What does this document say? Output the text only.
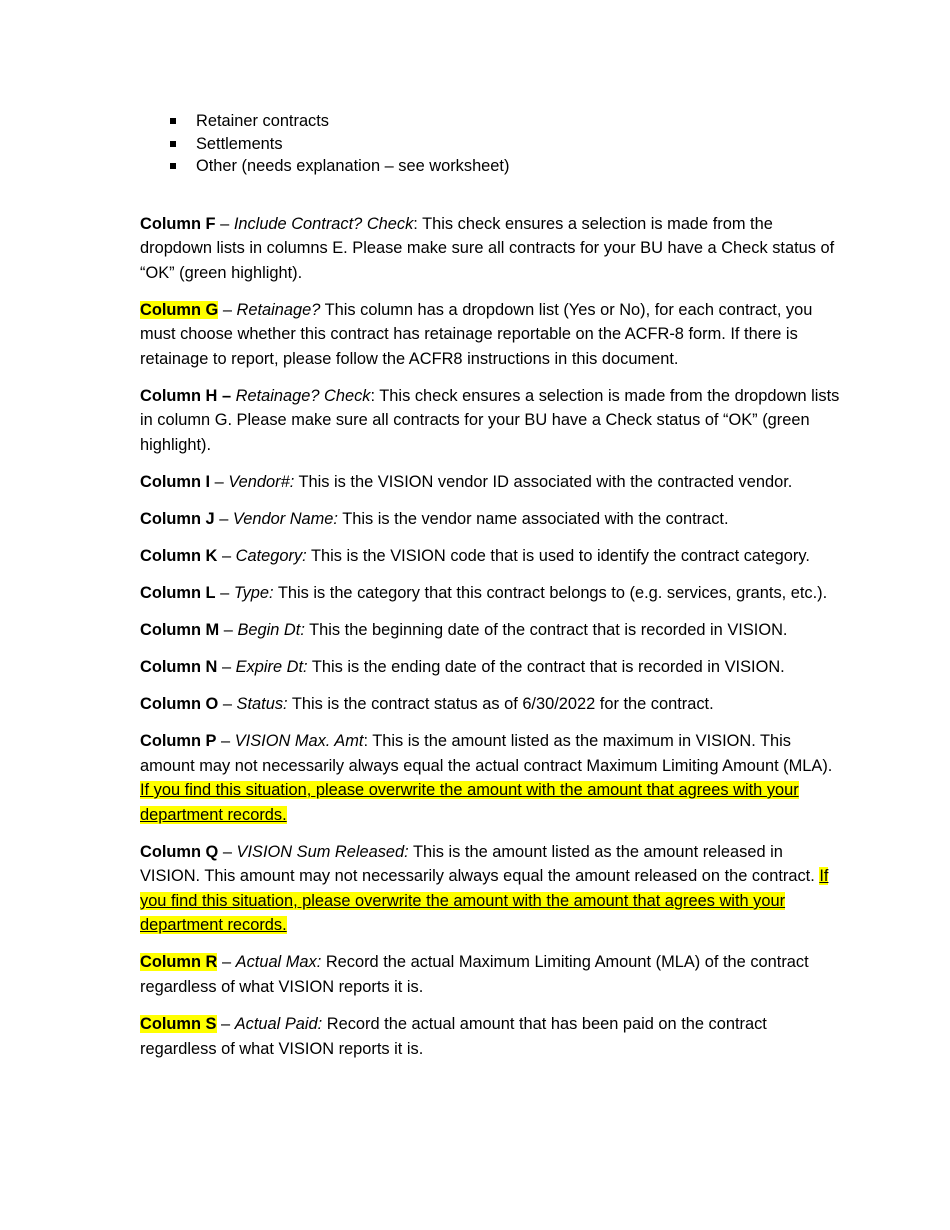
Retainer contracts
Settlements
Other (needs explanation – see worksheet)

Column F – Include Contract? Check: This check ensures a selection is made from the dropdown lists in columns E. Please make sure all contracts for your BU have a Check status of “OK” (green highlight).

Column G – Retainage? This column has a dropdown list (Yes or No), for each contract, you must choose whether this contract has retainage reportable on the ACFR-8 form. If there is retainage to report, please follow the ACFR8 instructions in this document.

Column H – Retainage? Check: This check ensures a selection is made from the dropdown lists in column G. Please make sure all contracts for your BU have a Check status of “OK” (green highlight).

Column I – Vendor#: This is the VISION vendor ID associated with the contracted vendor.

Column J – Vendor Name: This is the vendor name associated with the contract.

Column K – Category: This is the VISION code that is used to identify the contract category.

Column L – Type: This is the category that this contract belongs to (e.g. services, grants, etc.).

Column M – Begin Dt: This the beginning date of the contract that is recorded in VISION.

Column N – Expire Dt: This is the ending date of the contract that is recorded in VISION.

Column O – Status: This is the contract status as of 6/30/2022 for the contract.

Column P – VISION Max. Amt: This is the amount listed as the maximum in VISION. This amount may not necessarily always equal the actual contract Maximum Limiting Amount (MLA). If you find this situation, please overwrite the amount with the amount that agrees with your department records.

Column Q – VISION Sum Released: This is the amount listed as the amount released in VISION. This amount may not necessarily always equal the amount released on the contract. If you find this situation, please overwrite the amount with the amount that agrees with your department records.

Column R – Actual Max: Record the actual Maximum Limiting Amount (MLA) of the contract regardless of what VISION reports it is.

Column S – Actual Paid: Record the actual amount that has been paid on the contract regardless of what VISION reports it is.
